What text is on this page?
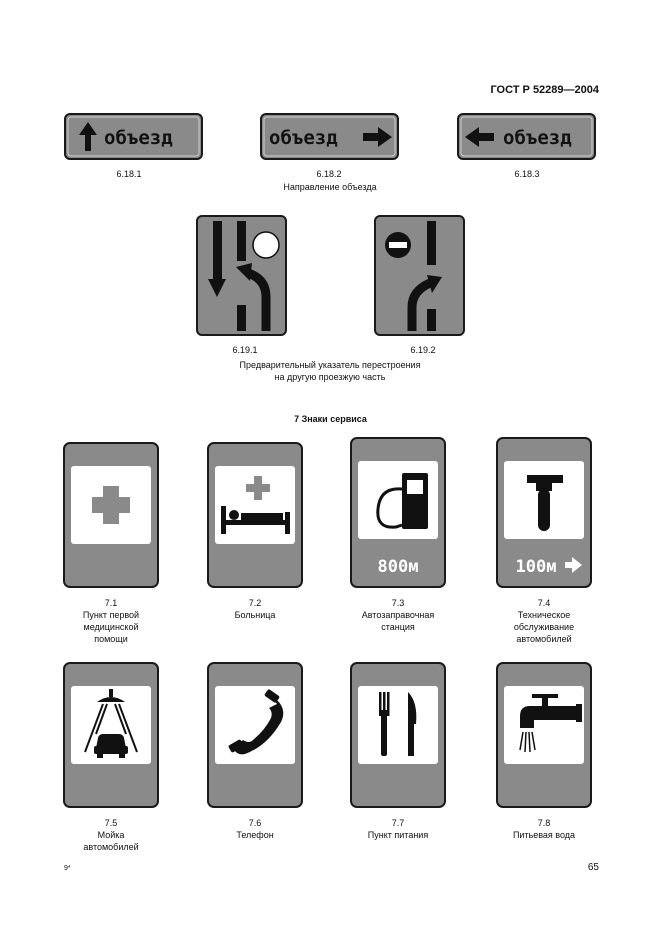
ГОСТ Р 52289—2004
объезд
6.18.1
объезд
6.18.2
Направление объезда
объезд
6.18.3
6.19.1	6.19.2
Предварительный указатель перестроения
на другую проезжую часть
7 Знаки сервиса
800м	100м
7.1
Пункт первой
медицинской
помощи
7.2
Больница
7.3
Автозаправочная
станция
7.4
Техническое
обслуживание
автомобилей
7.5
Мойка
автомобилей
7.6
Телефон
7.7
Пункт питания
7.8
Питьевая вода
9*	65
